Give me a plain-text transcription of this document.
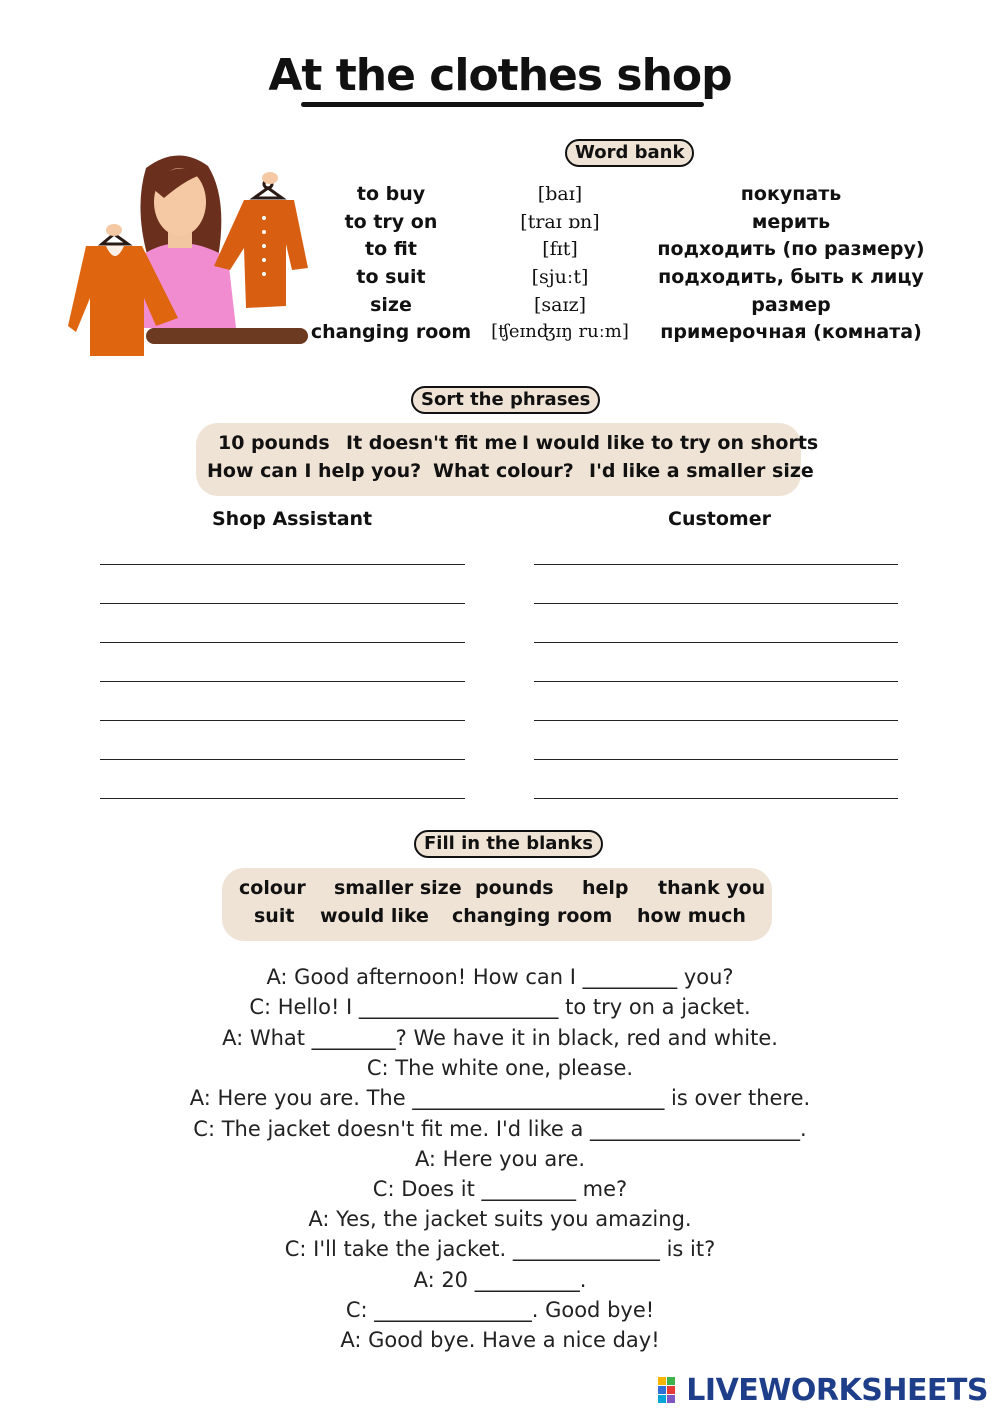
At the clothes shop
Word bank
to buy	[baɪ]	покупать
to try on	[traɪ ɒn]	мерить
to fit	[fɪt]	подходить (по размеру)
to suit	[sjuːt]	подходить, быть к лицу
size	[saɪz]	размер
changing room	[ʧeɪnʤɪŋ ruːm]	примерочная (комната)
Sort the phrases
10 pounds It doesn't fit me I would like to try on shorts
How can I help you? What colour? I'd like a smaller size
Shop Assistant	Customer
Fill in the blanks
colour smaller size pounds help thank you
suit would like changing room how much
A: Good afternoon! How can I _________ you?
C: Hello! I ___________________ to try on a jacket.
A: What ________? We have it in black, red and white.
C: The white one, please.
A: Here you are. The ________________________ is over there.
C: The jacket doesn't fit me. I'd like a ____________________.
A: Here you are.
C: Does it _________ me?
A: Yes, the jacket suits you amazing.
C: I'll take the jacket. ______________ is it?
A: 20 __________.
C: _______________. Good bye!
A: Good bye. Have a nice day!
LIVEWORKSHEETS
